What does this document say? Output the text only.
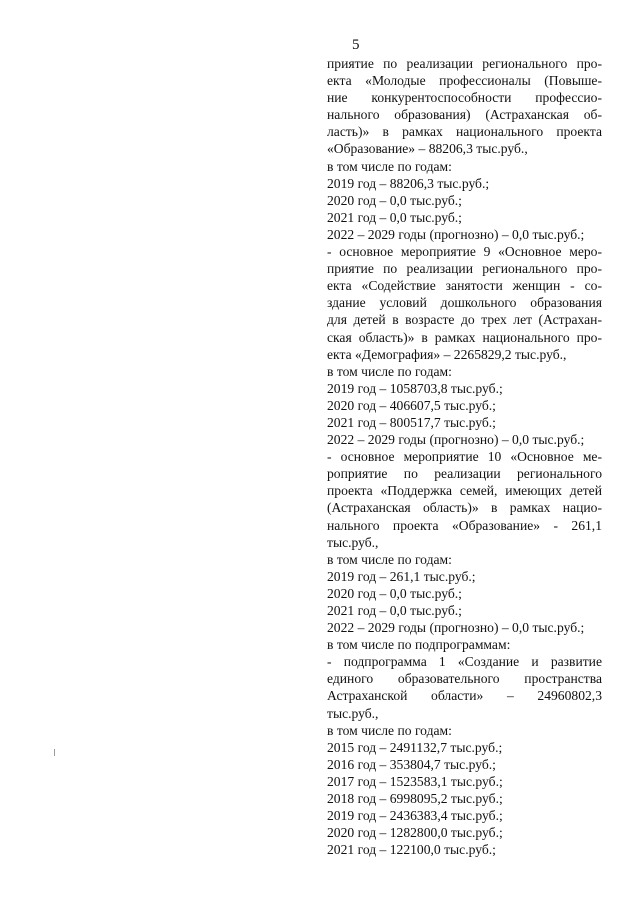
5
приятие по реализации регионального про-
екта «Молодые профессионалы (Повыше-
ние конкурентоспособности профессио-
нального образования) (Астраханская об-
ласть)» в рамках национального проекта
«Образование» – 88206,3 тыс.руб.,
в том числе по годам:
2019 год – 88206,3 тыс.руб.;
2020 год – 0,0 тыс.руб.;
2021 год – 0,0 тыс.руб.;
2022 – 2029 годы (прогнозно) – 0,0 тыс.руб.;
- основное мероприятие 9 «Основное меро-
приятие по реализации регионального про-
екта «Содействие занятости женщин - со-
здание условий дошкольного образования
для детей в возрасте до трех лет (Астрахан-
ская область)» в рамках национального про-
екта «Демография» – 2265829,2 тыс.руб.,
в том числе по годам:
2019 год – 1058703,8 тыс.руб.;
2020 год – 406607,5 тыс.руб.;
2021 год – 800517,7 тыс.руб.;
2022 – 2029 годы (прогнозно) – 0,0 тыс.руб.;
- основное мероприятие 10 «Основное ме-
роприятие по реализации регионального
проекта «Поддержка семей, имеющих детей
(Астраханская область)» в рамках нацио-
нального проекта «Образование» - 261,1
тыс.руб.,
в том числе по годам:
2019 год – 261,1 тыс.руб.;
2020 год – 0,0 тыс.руб.;
2021 год – 0,0 тыс.руб.;
2022 – 2029 годы (прогнозно) – 0,0 тыс.руб.;
в том числе по подпрограммам:
- подпрограмма 1 «Создание и развитие
единого образовательного пространства
Астраханской области» – 24960802,3
тыс.руб.,
в том числе по годам:
2015 год – 2491132,7 тыс.руб.;
2016 год – 353804,7 тыс.руб.;
2017 год – 1523583,1 тыс.руб.;
2018 год – 6998095,2 тыс.руб.;
2019 год – 2436383,4 тыс.руб.;
2020 год – 1282800,0 тыс.руб.;
2021 год – 122100,0 тыс.руб.;
